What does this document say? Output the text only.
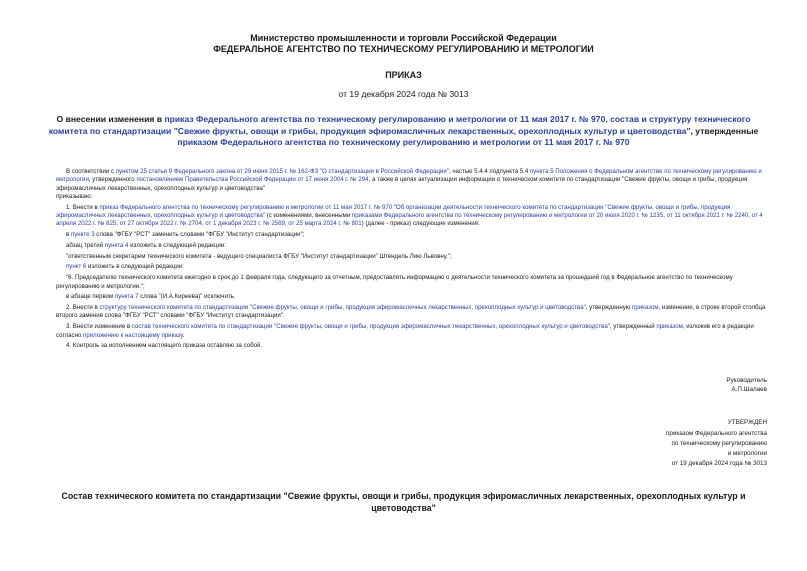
Министерство промышленности и торговли Российской Федерации
ФЕДЕРАЛЬНОЕ АГЕНТСТВО ПО ТЕХНИЧЕСКОМУ РЕГУЛИРОВАНИЮ И МЕТРОЛОГИИ
ПРИКАЗ
от 19 декабря 2024 года № 3013
О внесении изменения в приказ Федерального агентства по техническому регулированию и метрологии от 11 мая 2017 г. № 970, состав и структуру технического комитета по стандартизации "Свежие фрукты, овощи и грибы, продукция эфиромасличных лекарственных, орехоплодных культур и цветоводства", утвержденные приказом Федерального агентства по техническому регулированию и метрологии от 11 мая 2017 г. № 970

В соответствии с пунктом 25 статьи 9 Федерального закона от 29 июня 2015 г. № 162-ФЗ "О стандартизации в Российской Федерации", частью 5.4.4 подпункта 5.4 пункта 5 Положения о Федеральном агентстве по техническому регулированию и метрологии, утвержденного постановлением Правительства Российской Федерации от 17 июня 2004 г. № 294, а также в целях актуализации информации о техническом комитете по стандартизации "Свежие фрукты, овощи и грибы, продукция эфиромасличных лекарственных, орехоплодных культур и цветоводства"

приказываю:

1. Внести в приказ Федерального агентства по техническому регулированию и метрологии от 11 мая 2017 г. № 970 "Об организации деятельности технического комитета по стандартизации "Свежие фрукты, овощи и грибы, продукция эфиромасличных лекарственных, орехоплодных культур и цветоводства" (с изменениями, внесенными приказами Федерального агентства по техническому регулированию и метрологии от 20 июля 2020 г. № 1235, от 11 октября 2021 г. № 2240, от 4 апреля 2022 г. № 825, от 27 октября 2022 г. № 2704, от 1 декабря 2023 г. № 2569, от 25 марта 2024 г. № 801) (далее - приказ) следующие изменения:

в пункте 3 слова "ФГБУ "РСТ" заменить словами "ФГБУ "Институт стандартизации";

абзац третий пункта 4 изложить в следующей редакции:

"ответственным секретарем технического комитета - ведущего специалиста ФГБУ "Институт стандартизации" Штендель Лию Львовну.";

пункт 6 изложить в следующей редакции:

"6. Председателю технического комитета ежегодно в срок до 1 февраля года, следующего за отчетным, предоставлять информацию о деятельности технического комитета за прошедший год в Федеральное агентство по техническому регулированию и метрологии.";

в абзаце первом пункта 7 слова "(И.А.Киреева)" исключить.

2. Внести в структуру технического комитета по стандартизации "Свежие фрукты, овощи и грибы, продукция эфиромасличных лекарственных, орехоплодных культур и цветоводства", утвержденную приказом, изменение, в строке второй столбца второго заменив слова "ФГБУ "РСТ" словами "ФГБУ "Институт стандартизации".

3. Внести изменение в состав технического комитета по стандартизации "Свежие фрукты, овощи и грибы, продукция эфиромасличных лекарственных, орехоплодных культур и цветоводства", утвержденный приказом, изложив его в редакции согласно приложению к настоящему приказу.

4. Контроль за исполнением настоящего приказа оставляю за собой.

Руководитель
А.П.Шалаев
УТВЕРЖДЕН
приказом Федерального агентства
по техническому регулированию
и метрологии
от 19 декабря 2024 года № 3013
Состав технического комитета по стандартизации "Свежие фрукты, овощи и грибы, продукция эфиромасличных лекарственных, орехоплодных культур и цветоводства"
